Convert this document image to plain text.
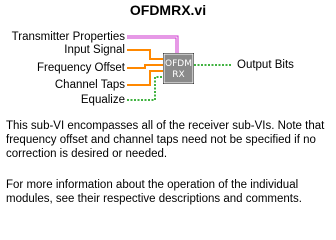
OFDMRX.vi
OFDM
RX
Transmitter Properties
Input Signal
Frequency Offset
Channel Taps
Equalize
Output Bits
This sub-VI encompasses all of the receiver sub-VIs. Note that frequency offset and channel taps need not be specified if no correction is desired or needed.
For more information about the operation of the individual modules, see their respective descriptions and comments.
